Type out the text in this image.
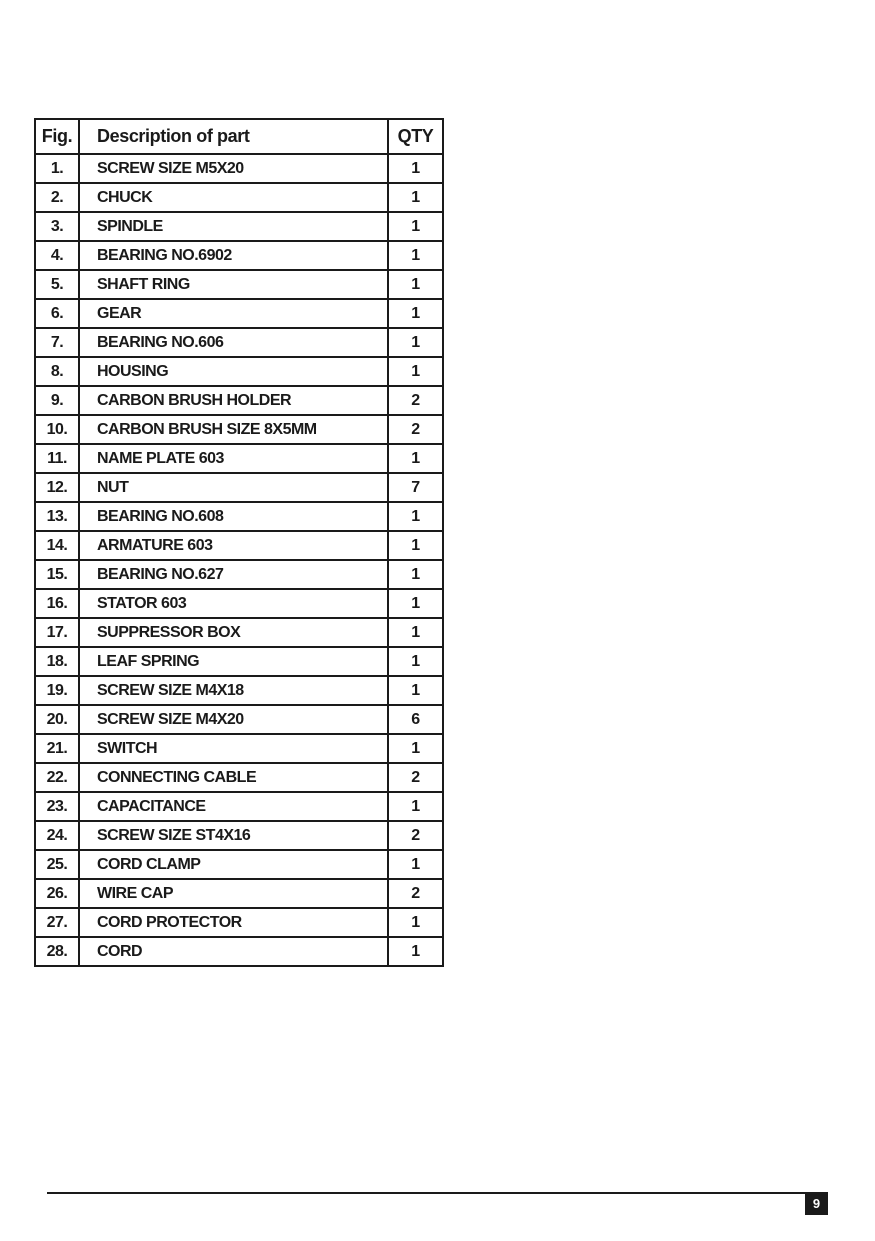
Fig.	Description of part	QTY
1.	SCREW SIZE M5X20	1
2.	CHUCK	1
3.	SPINDLE	1
4.	BEARING NO.6902	1
5.	SHAFT RING	1
6.	GEAR	1
7.	BEARING NO.606	1
8.	HOUSING	1
9.	CARBON BRUSH HOLDER	2
10.	CARBON BRUSH SIZE 8X5MM	2
11.	NAME PLATE 603	1
12.	NUT	7
13.	BEARING NO.608	1
14.	ARMATURE 603	1
15.	BEARING NO.627	1
16.	STATOR 603	1
17.	SUPPRESSOR BOX	1
18.	LEAF SPRING	1
19.	SCREW SIZE M4X18	1
20.	SCREW SIZE M4X20	6
21.	SWITCH	1
22.	CONNECTING CABLE	2
23.	CAPACITANCE	1
24.	SCREW SIZE ST4X16	2
25.	CORD CLAMP	1
26.	WIRE CAP	2
27.	CORD PROTECTOR	1
28.	CORD	1
9
